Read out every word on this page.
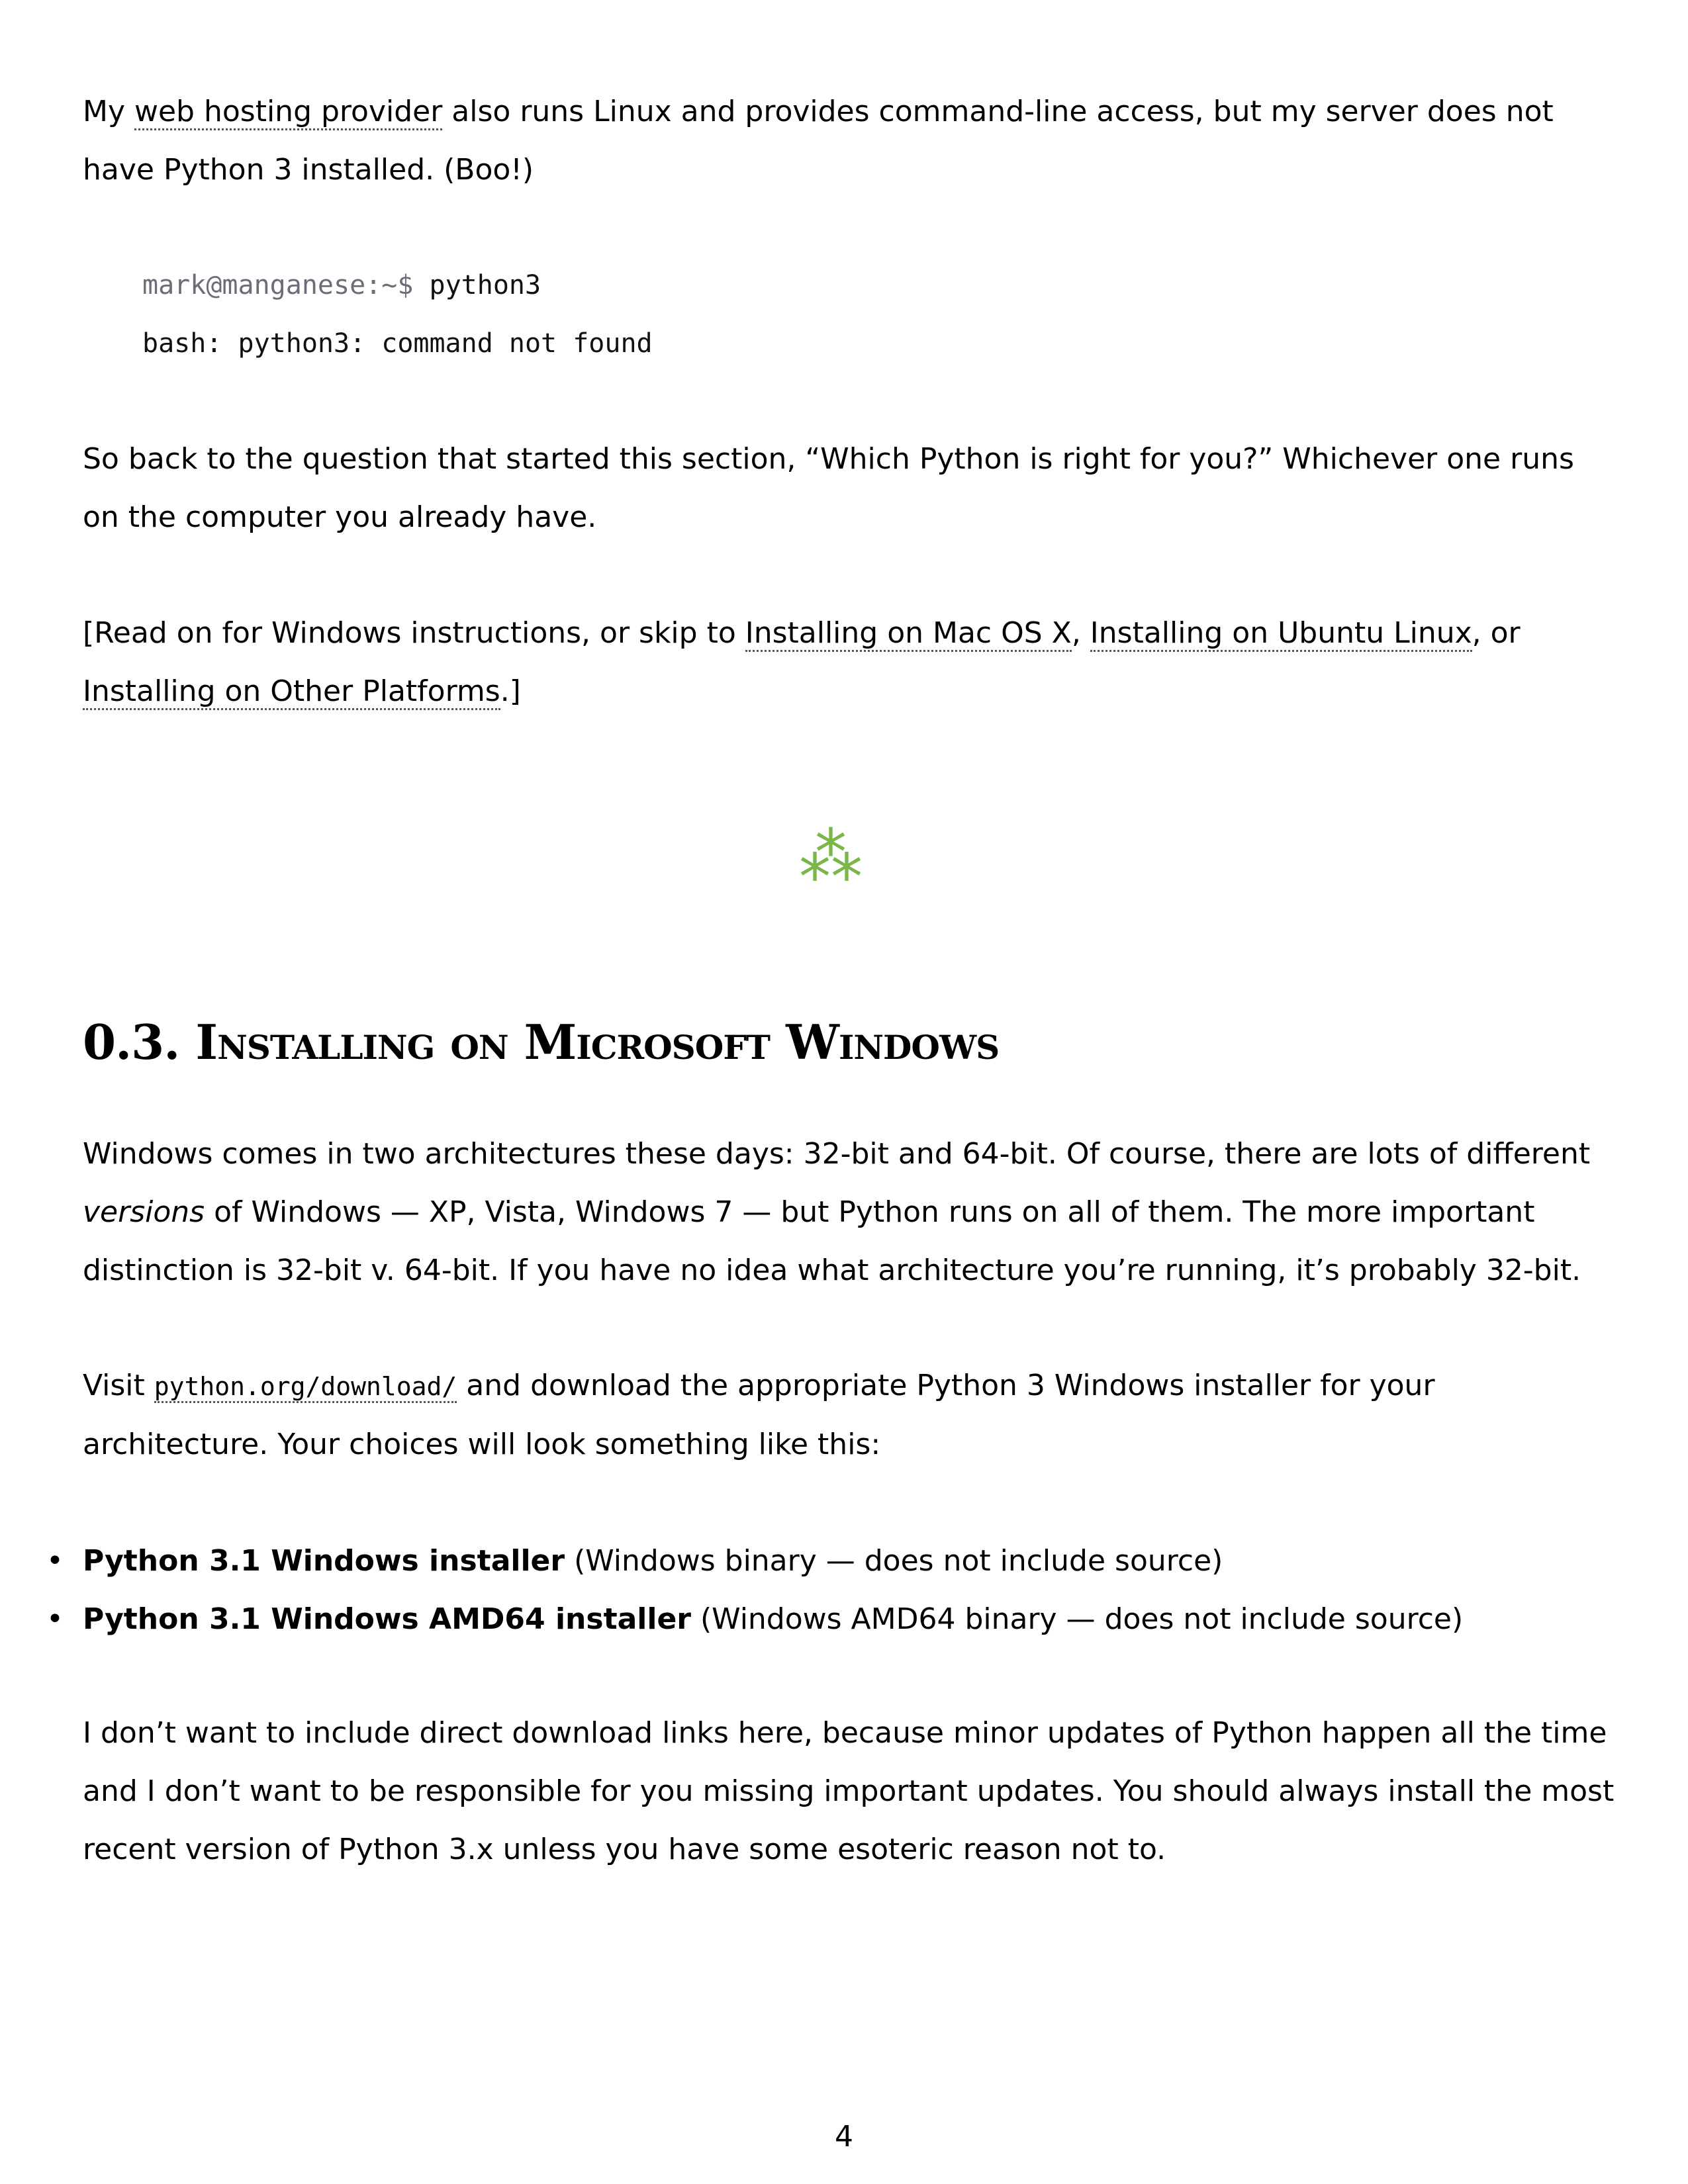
My web hosting provider also runs Linux and provides command-line access, but my server does not have Python 3 installed. (Boo!)

mark@manganese:~$ python3
bash: python3: command not found

So back to the question that started this section, “Which Python is right for you?” Whichever one runs on the computer you already have.

[Read on for Windows instructions, or skip to Installing on Mac OS X, Installing on Ubuntu Linux, or Installing on Other Platforms.]

⁂
0.3. Installing on Microsoft Windows

Windows comes in two architectures these days: 32-bit and 64-bit. Of course, there are lots of different versions of Windows — XP, Vista, Windows 7 — but Python runs on all of them. The more important distinction is 32-bit v. 64-bit. If you have no idea what architecture you’re running, it’s probably 32-bit.

Visit python.org/download/ and download the appropriate Python 3 Windows installer for your architecture. Your choices will look something like this:

• Python 3.1 Windows installer (Windows binary — does not include source)
• Python 3.1 Windows AMD64 installer (Windows AMD64 binary — does not include source)

I don’t want to include direct download links here, because minor updates of Python happen all the time and I don’t want to be responsible for you missing important updates. You should always install the most recent version of Python 3.x unless you have some esoteric reason not to.

4
